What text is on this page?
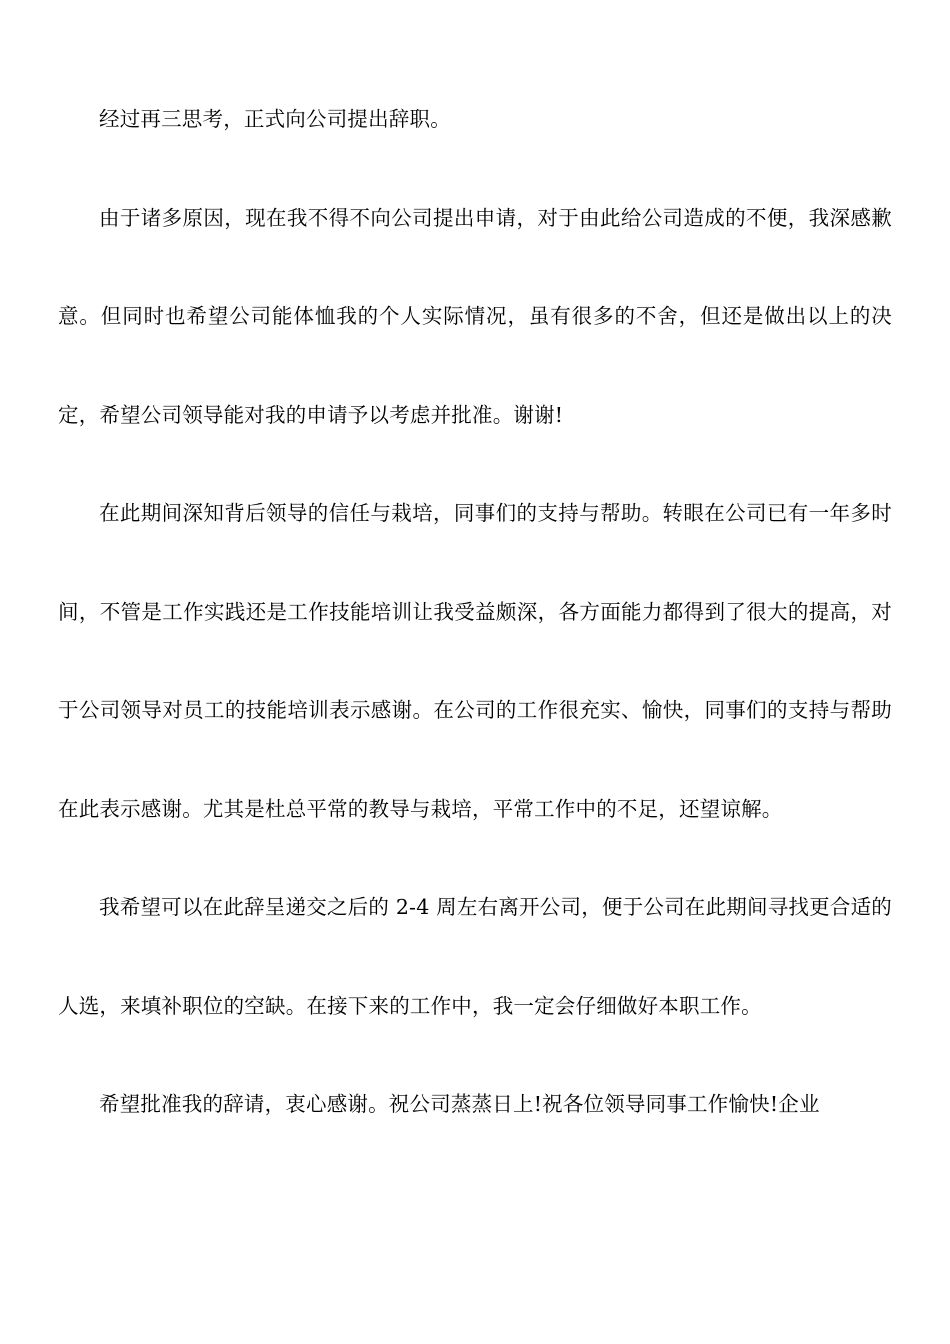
经过再三思考，正式向公司提出辞职。

由于诸多原因，现在我不得不向公司提出申请，对于由此给公司造成的不便，我深感歉意。但同时也希望公司能体恤我的个人实际情况，虽有很多的不舍，但还是做出以上的决定，希望公司领导能对我的申请予以考虑并批准。谢谢!

在此期间深知背后领导的信任与栽培，同事们的支持与帮助。转眼在公司已有一年多时间，不管是工作实践还是工作技能培训让我受益颇深，各方面能力都得到了很大的提高，对于公司领导对员工的技能培训表示感谢。在公司的工作很充实、愉快，同事们的支持与帮助在此表示感谢。尤其是杜总平常的教导与栽培，平常工作中的不足，还望谅解。

我希望可以在此辞呈递交之后的 2-4 周左右离开公司，便于公司在此期间寻找更合适的人选，来填补职位的空缺。在接下来的工作中，我一定会仔细做好本职工作。

希望批准我的辞请，衷心感谢。祝公司蒸蒸日上!祝各位领导同事工作愉快!企业
